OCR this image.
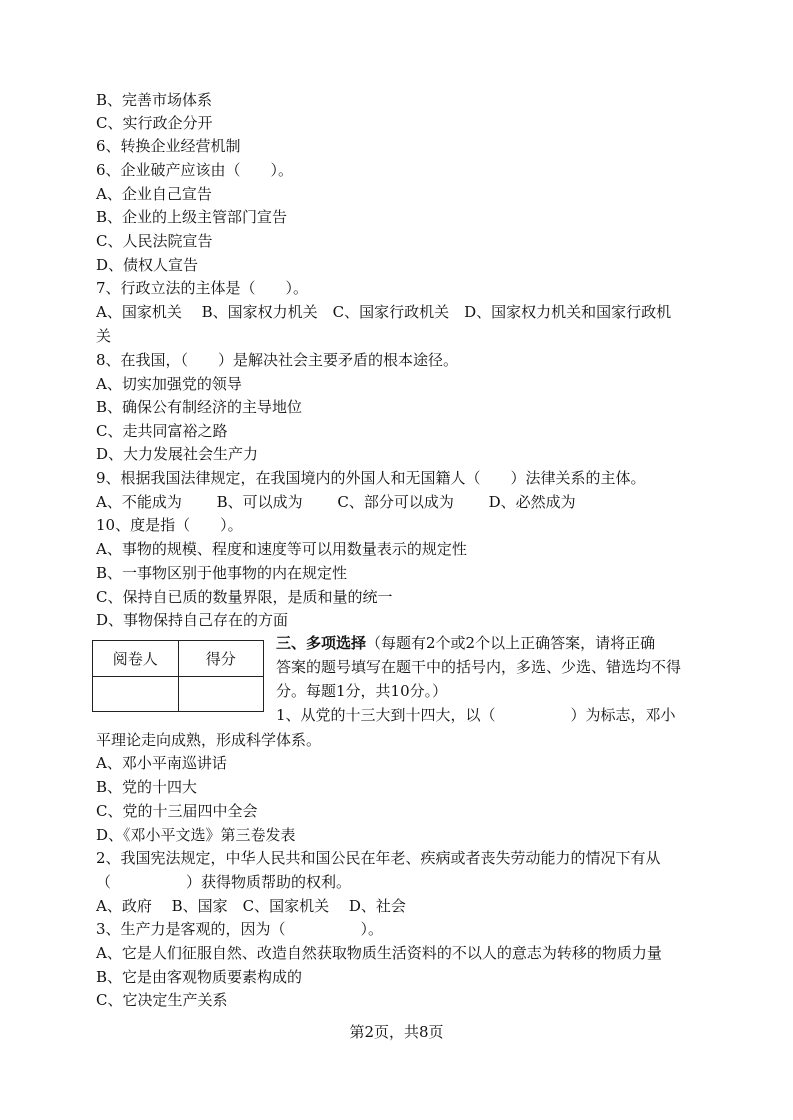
B、完善市场体系
C、实行政企分开
6、转换企业经营机制
6、企业破产应该由（　　）。
A、企业自己宣告
B、企业的上级主管部门宣告
C、人民法院宣告
D、债权人宣告
7、行政立法的主体是（　　）。
A、国家机关　 B、国家权力机关　C、国家行政机关　D、国家权力机关和国家行政机
关
8、在我国，（　　）是解决社会主要矛盾的根本途径。
A、切实加强党的领导
B、确保公有制经济的主导地位
C、走共同富裕之路
D、大力发展社会生产力
9、根据我国法律规定，在我国境内的外国人和无国籍人（　　）法律关系的主体。
A、不能成为　　 B、可以成为　　 C、部分可以成为　　 D、必然成为
10、度是指（　　）。
A、事物的规模、程度和速度等可以用数量表示的规定性
B、一事物区别于他事物的内在规定性
C、保持自已质的数量界限，是质和量的统一
D、事物保持自己存在的方面
阅卷人	得分

三、多项选择（每题有2个或2个以上正确答案，请将正确
答案的题号填写在题干中的括号内，多选、少选、错选均不得
分。每题1分，共10分。）
1、从党的十三大到十四大，以（　　　　　）为标志，邓小
平理论走向成熟，形成科学体系。
A、邓小平南巡讲话
B、党的十四大
C、党的十三届四中全会
D、《邓小平文选》第三卷发表
2、我国宪法规定，中华人民共和国公民在年老、疾病或者丧失劳动能力的情况下有从
（　　　　　）获得物质帮助的权利。
A、政府　 B、国家　C、国家机关　 D、社会
3、生产力是客观的，因为（　　　　　）。
A、它是人们征服自然、改造自然获取物质生活资料的不以人的意志为转移的物质力量
B、它是由客观物质要素构成的
C、它决定生产关系
第2页，共8页
